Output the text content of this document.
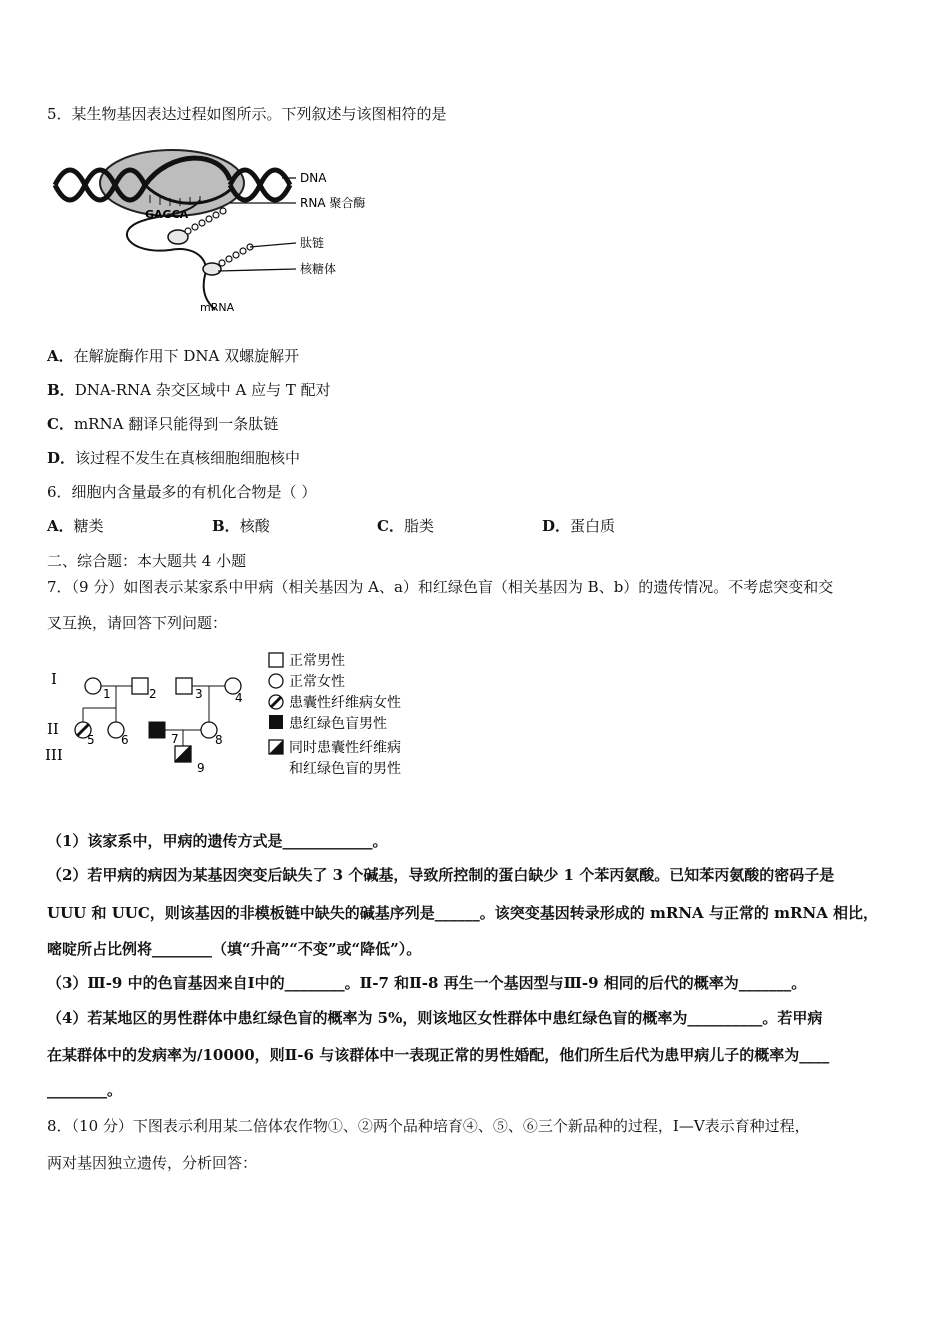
5．某生物基因表达过程如图所示。下列叙述与该图相符的是
GAGCA
DNA
RNA 聚合酶
肽链
核糖体
mRNA
A．在解旋酶作用下 DNA 双螺旋解开
B．DNA-RNA 杂交区域中 A 应与 T 配对
C．mRNA 翻译只能得到一条肽链
D．该过程不发生在真核细胞细胞核中
6．细胞内含量最多的有机化合物是（ ）
A．糖类	B．核酸	C．脂类	D．蛋白质
二、综合题：本大题共 4 小题
7．（9 分）如图表示某家系中甲病（相关基因为 A、a）和红绿色盲（相关基因为 B、b）的遗传情况。不考虑突变和交
叉互换，请回答下列问题：
I
II
III
1	2	3	4
5 6	7	8
9
正常男性
正常女性
患囊性纤维病女性
患红绿色盲男性
同时患囊性纤维病
和红绿色盲的男性
（1）该家系中，甲病的遗传方式是____________。
（2）若甲病的病因为某基因突变后缺失了 3 个碱基，导致所控制的蛋白缺少 1 个苯丙氨酸。已知苯丙氨酸的密码子是
UUU 和 UUC，则该基因的非模板链中缺失的碱基序列是______。该突变基因转录形成的 mRNA 与正常的 mRNA 相比，
嘧啶所占比例将________（填“升高”“不变”或“降低”）。
（3）Ⅲ-9 中的色盲基因来自Ⅰ中的________。Ⅱ-7 和Ⅱ-8 再生一个基因型与Ⅲ-9 相同的后代的概率为_______。
（4）若某地区的男性群体中患红绿色盲的概率为 5%，则该地区女性群体中患红绿色盲的概率为__________。若甲病
在某群体中的发病率为/10000，则Ⅱ-6 与该群体中一表现正常的男性婚配，他们所生后代为患甲病儿子的概率为____
________。
8．（10 分）下图表示利用某二倍体农作物①、②两个品种培育④、⑤、⑥三个新品种的过程，Ⅰ—Ⅴ表示育种过程，
两对基因独立遗传，分析回答：
